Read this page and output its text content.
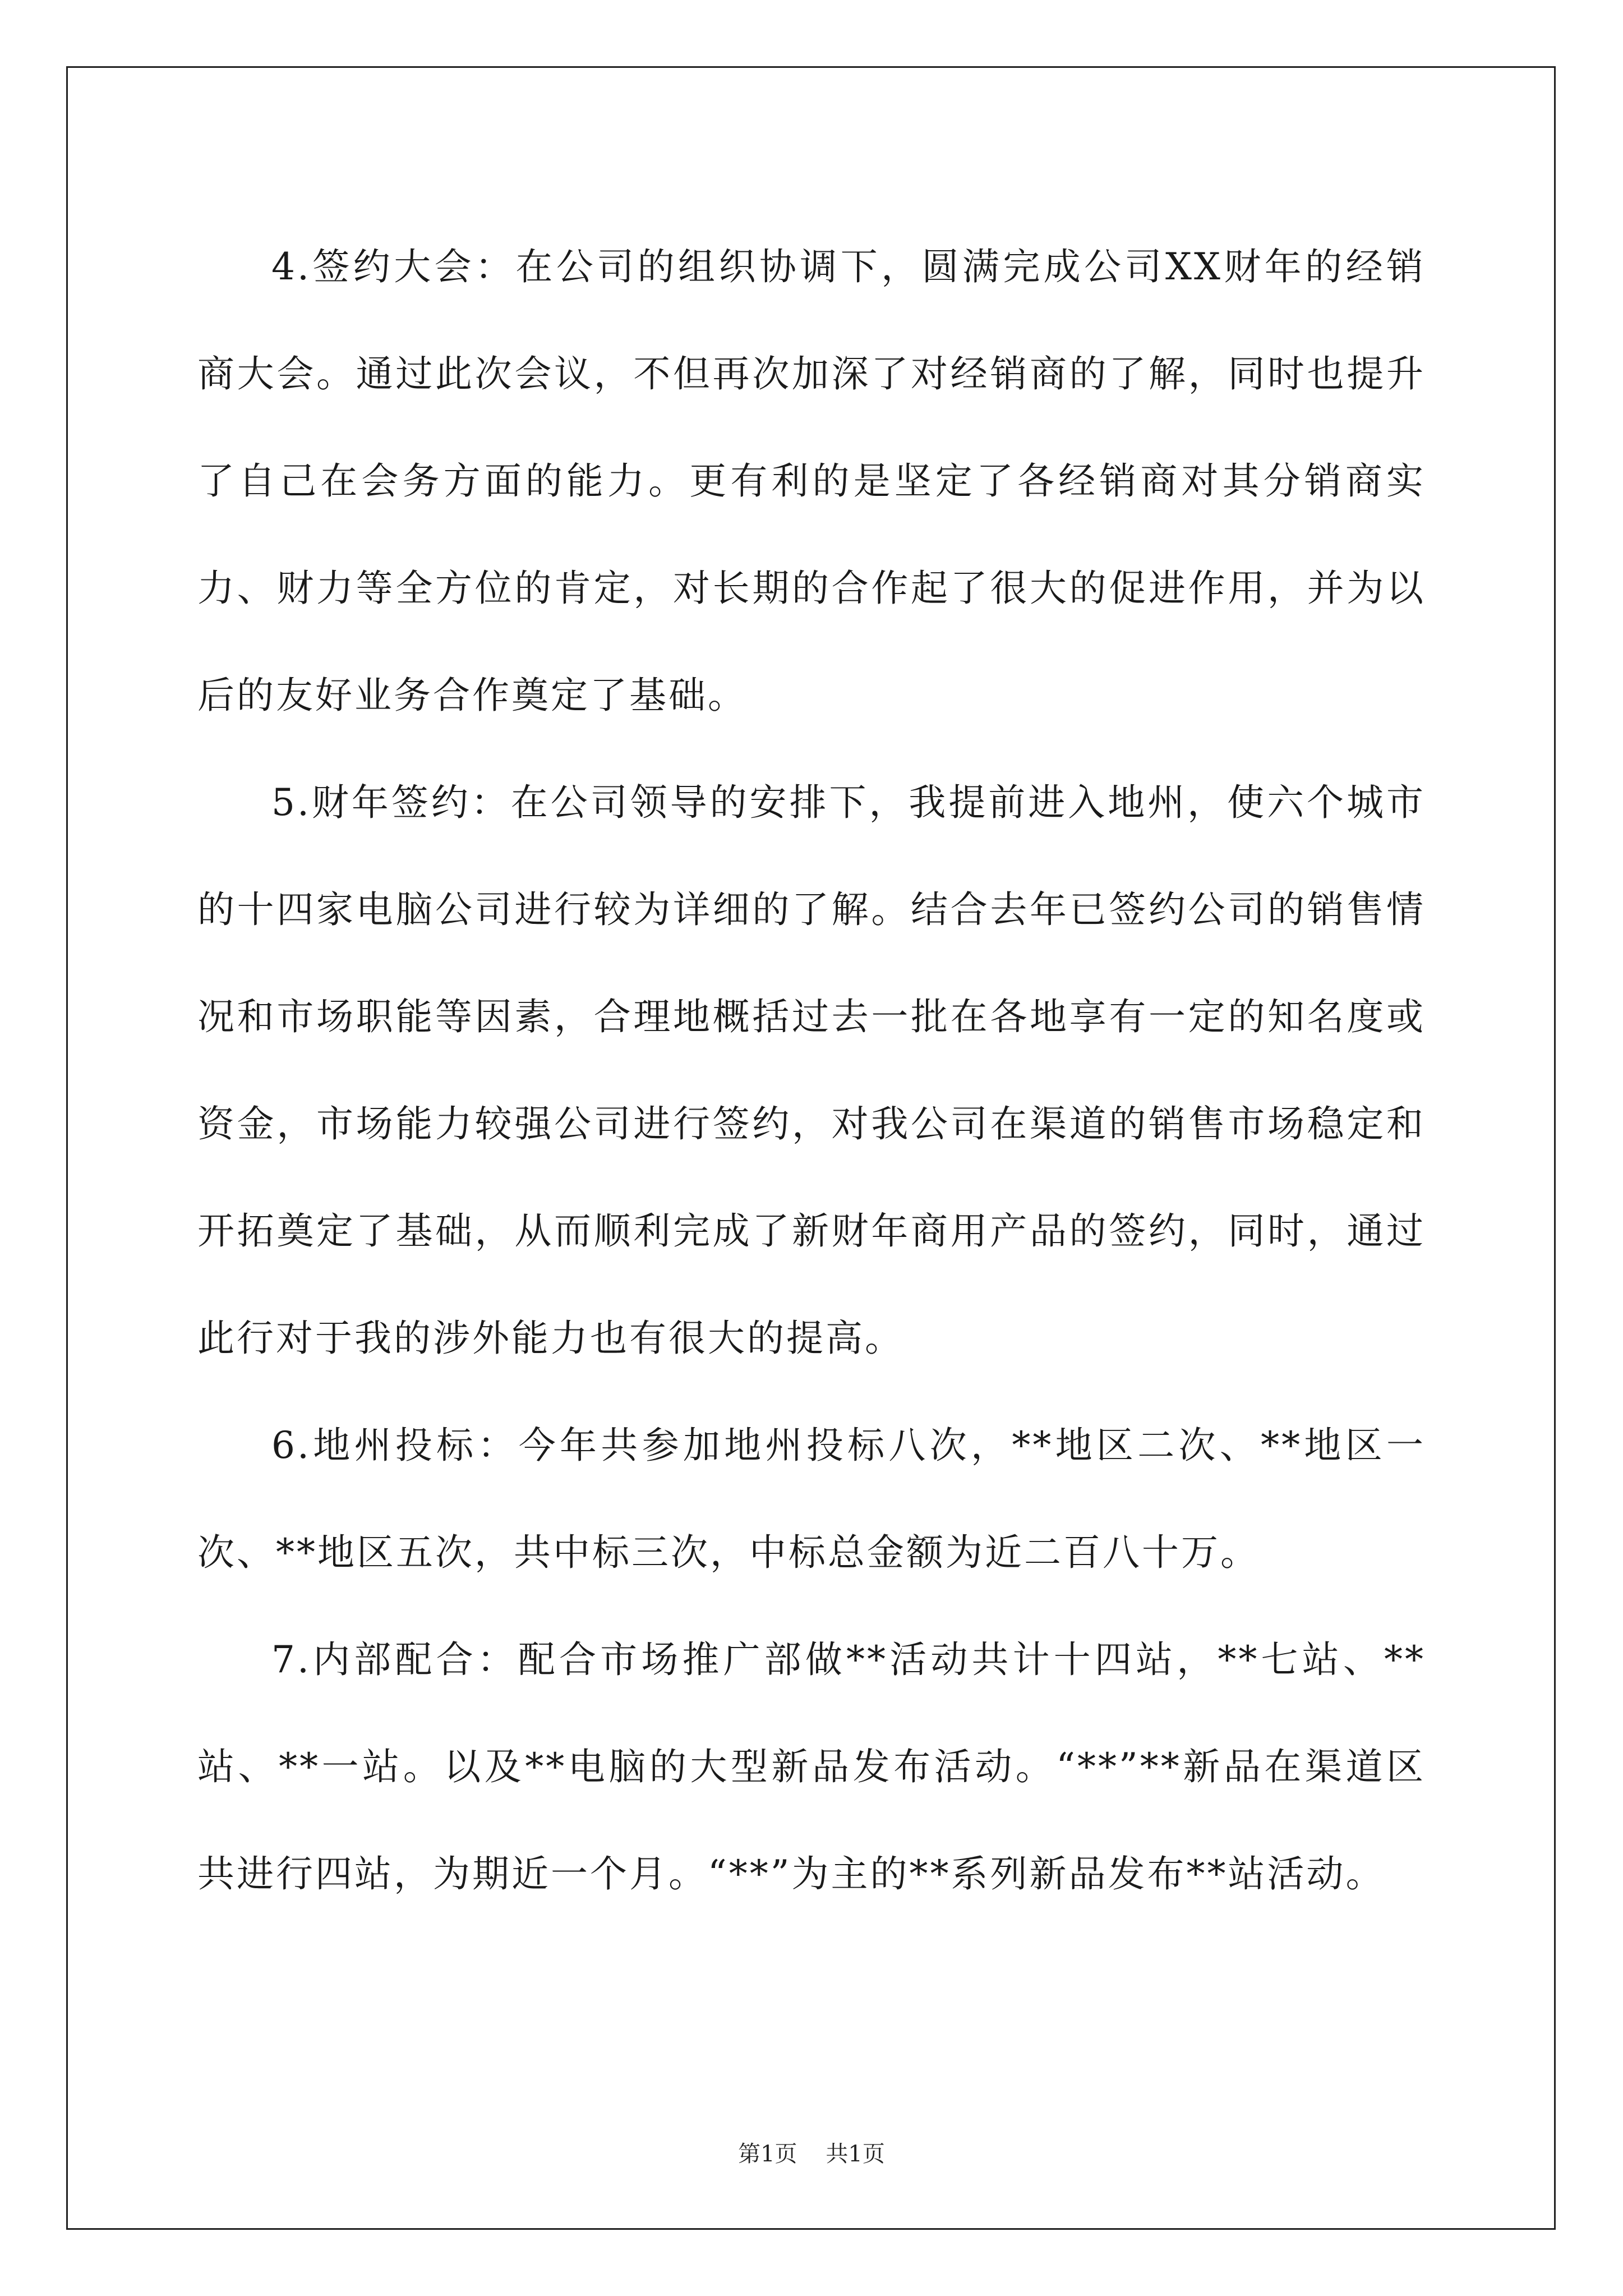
4.签约大会：在公司的组织协调下，圆满完成公司XX财年的经销商大会。通过此次会议，不但再次加深了对经销商的了解，同时也提升了自己在会务方面的能力。更有利的是坚定了各经销商对其分销商实力、财力等全方位的肯定，对长期的合作起了很大的促进作用，并为以后的友好业务合作奠定了基础。

5.财年签约：在公司领导的安排下，我提前进入地州，使六个城市的十四家电脑公司进行较为详细的了解。结合去年已签约公司的销售情况和市场职能等因素，合理地概括过去一批在各地享有一定的知名度或资金，市场能力较强公司进行签约，对我公司在渠道的销售市场稳定和开拓奠定了基础，从而顺利完成了新财年商用产品的签约，同时，通过此行对于我的涉外能力也有很大的提高。

6.地州投标：今年共参加地州投标八次，**地区二次、**地区一次、**地区五次，共中标三次，中标总金额为近二百八十万。

7.内部配合：配合市场推广部做**活动共计十四站，**七站、**站、**一站。以及**电脑的大型新品发布活动。“**”**新品在渠道区共进行四站，为期近一个月。“**”为主的**系列新品发布**站活动。

第1页 共1页
